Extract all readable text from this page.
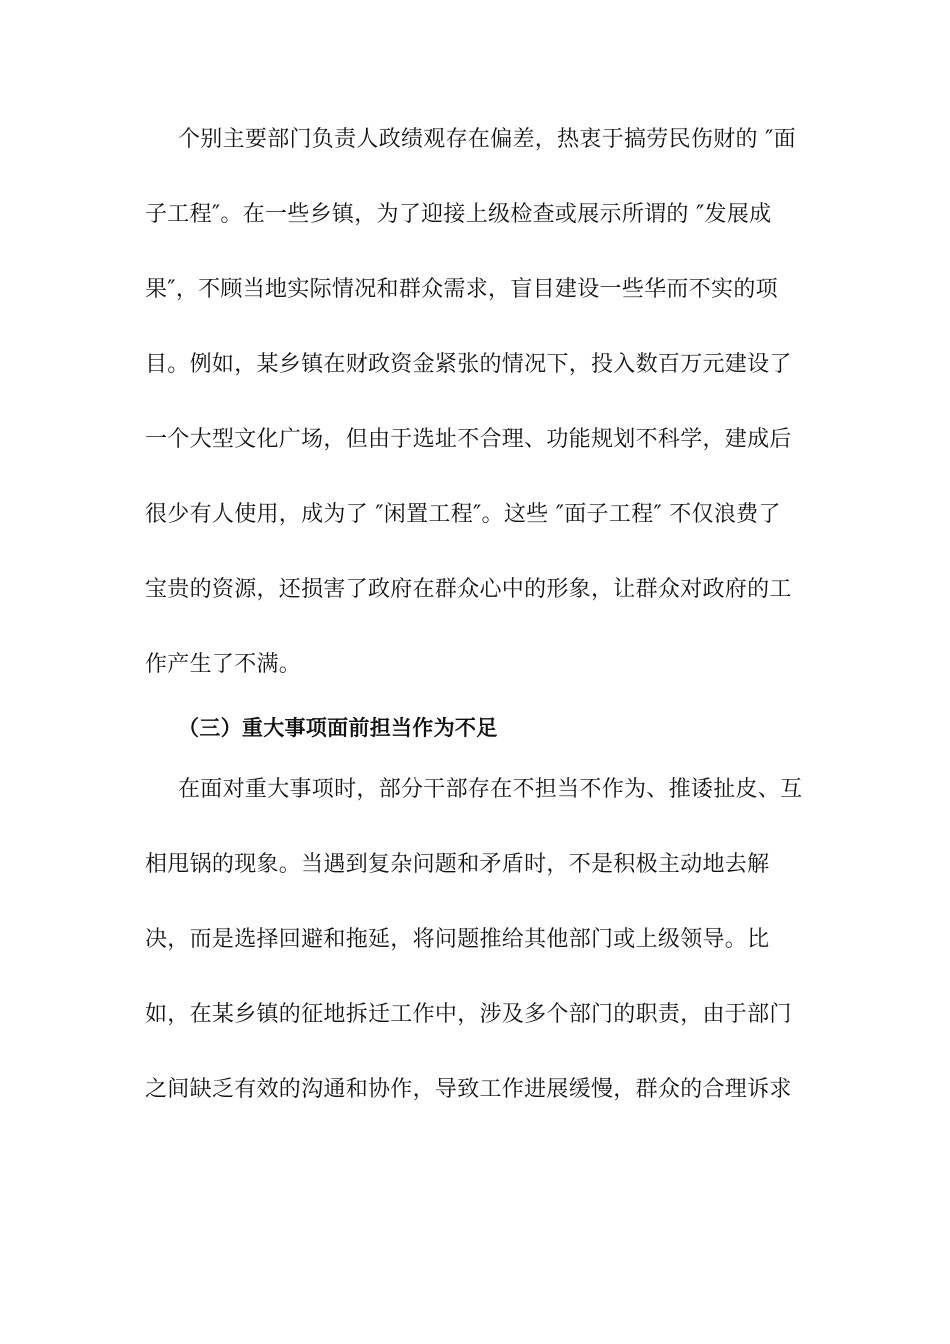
个别主要部门负责人政绩观存在偏差，热衷于搞劳民伤财的 ″面
子工程″。在一些乡镇，为了迎接上级检查或展示所谓的 ″发展成
果″，不顾当地实际情况和群众需求，盲目建设一些华而不实的项
目。例如，某乡镇在财政资金紧张的情况下，投入数百万元建设了
一个大型文化广场，但由于选址不合理、功能规划不科学，建成后
很少有人使用，成为了 ″闲置工程″。这些 ″面子工程″ 不仅浪费了
宝贵的资源，还损害了政府在群众心中的形象，让群众对政府的工
作产生了不满。
（三）重大事项面前担当作为不足
在面对重大事项时，部分干部存在不担当不作为、推诿扯皮、互
相甩锅的现象。当遇到复杂问题和矛盾时，不是积极主动地去解
决，而是选择回避和拖延，将问题推给其他部门或上级领导。比
如，在某乡镇的征地拆迁工作中，涉及多个部门的职责，由于部门
之间缺乏有效的沟通和协作，导致工作进展缓慢，群众的合理诉求
